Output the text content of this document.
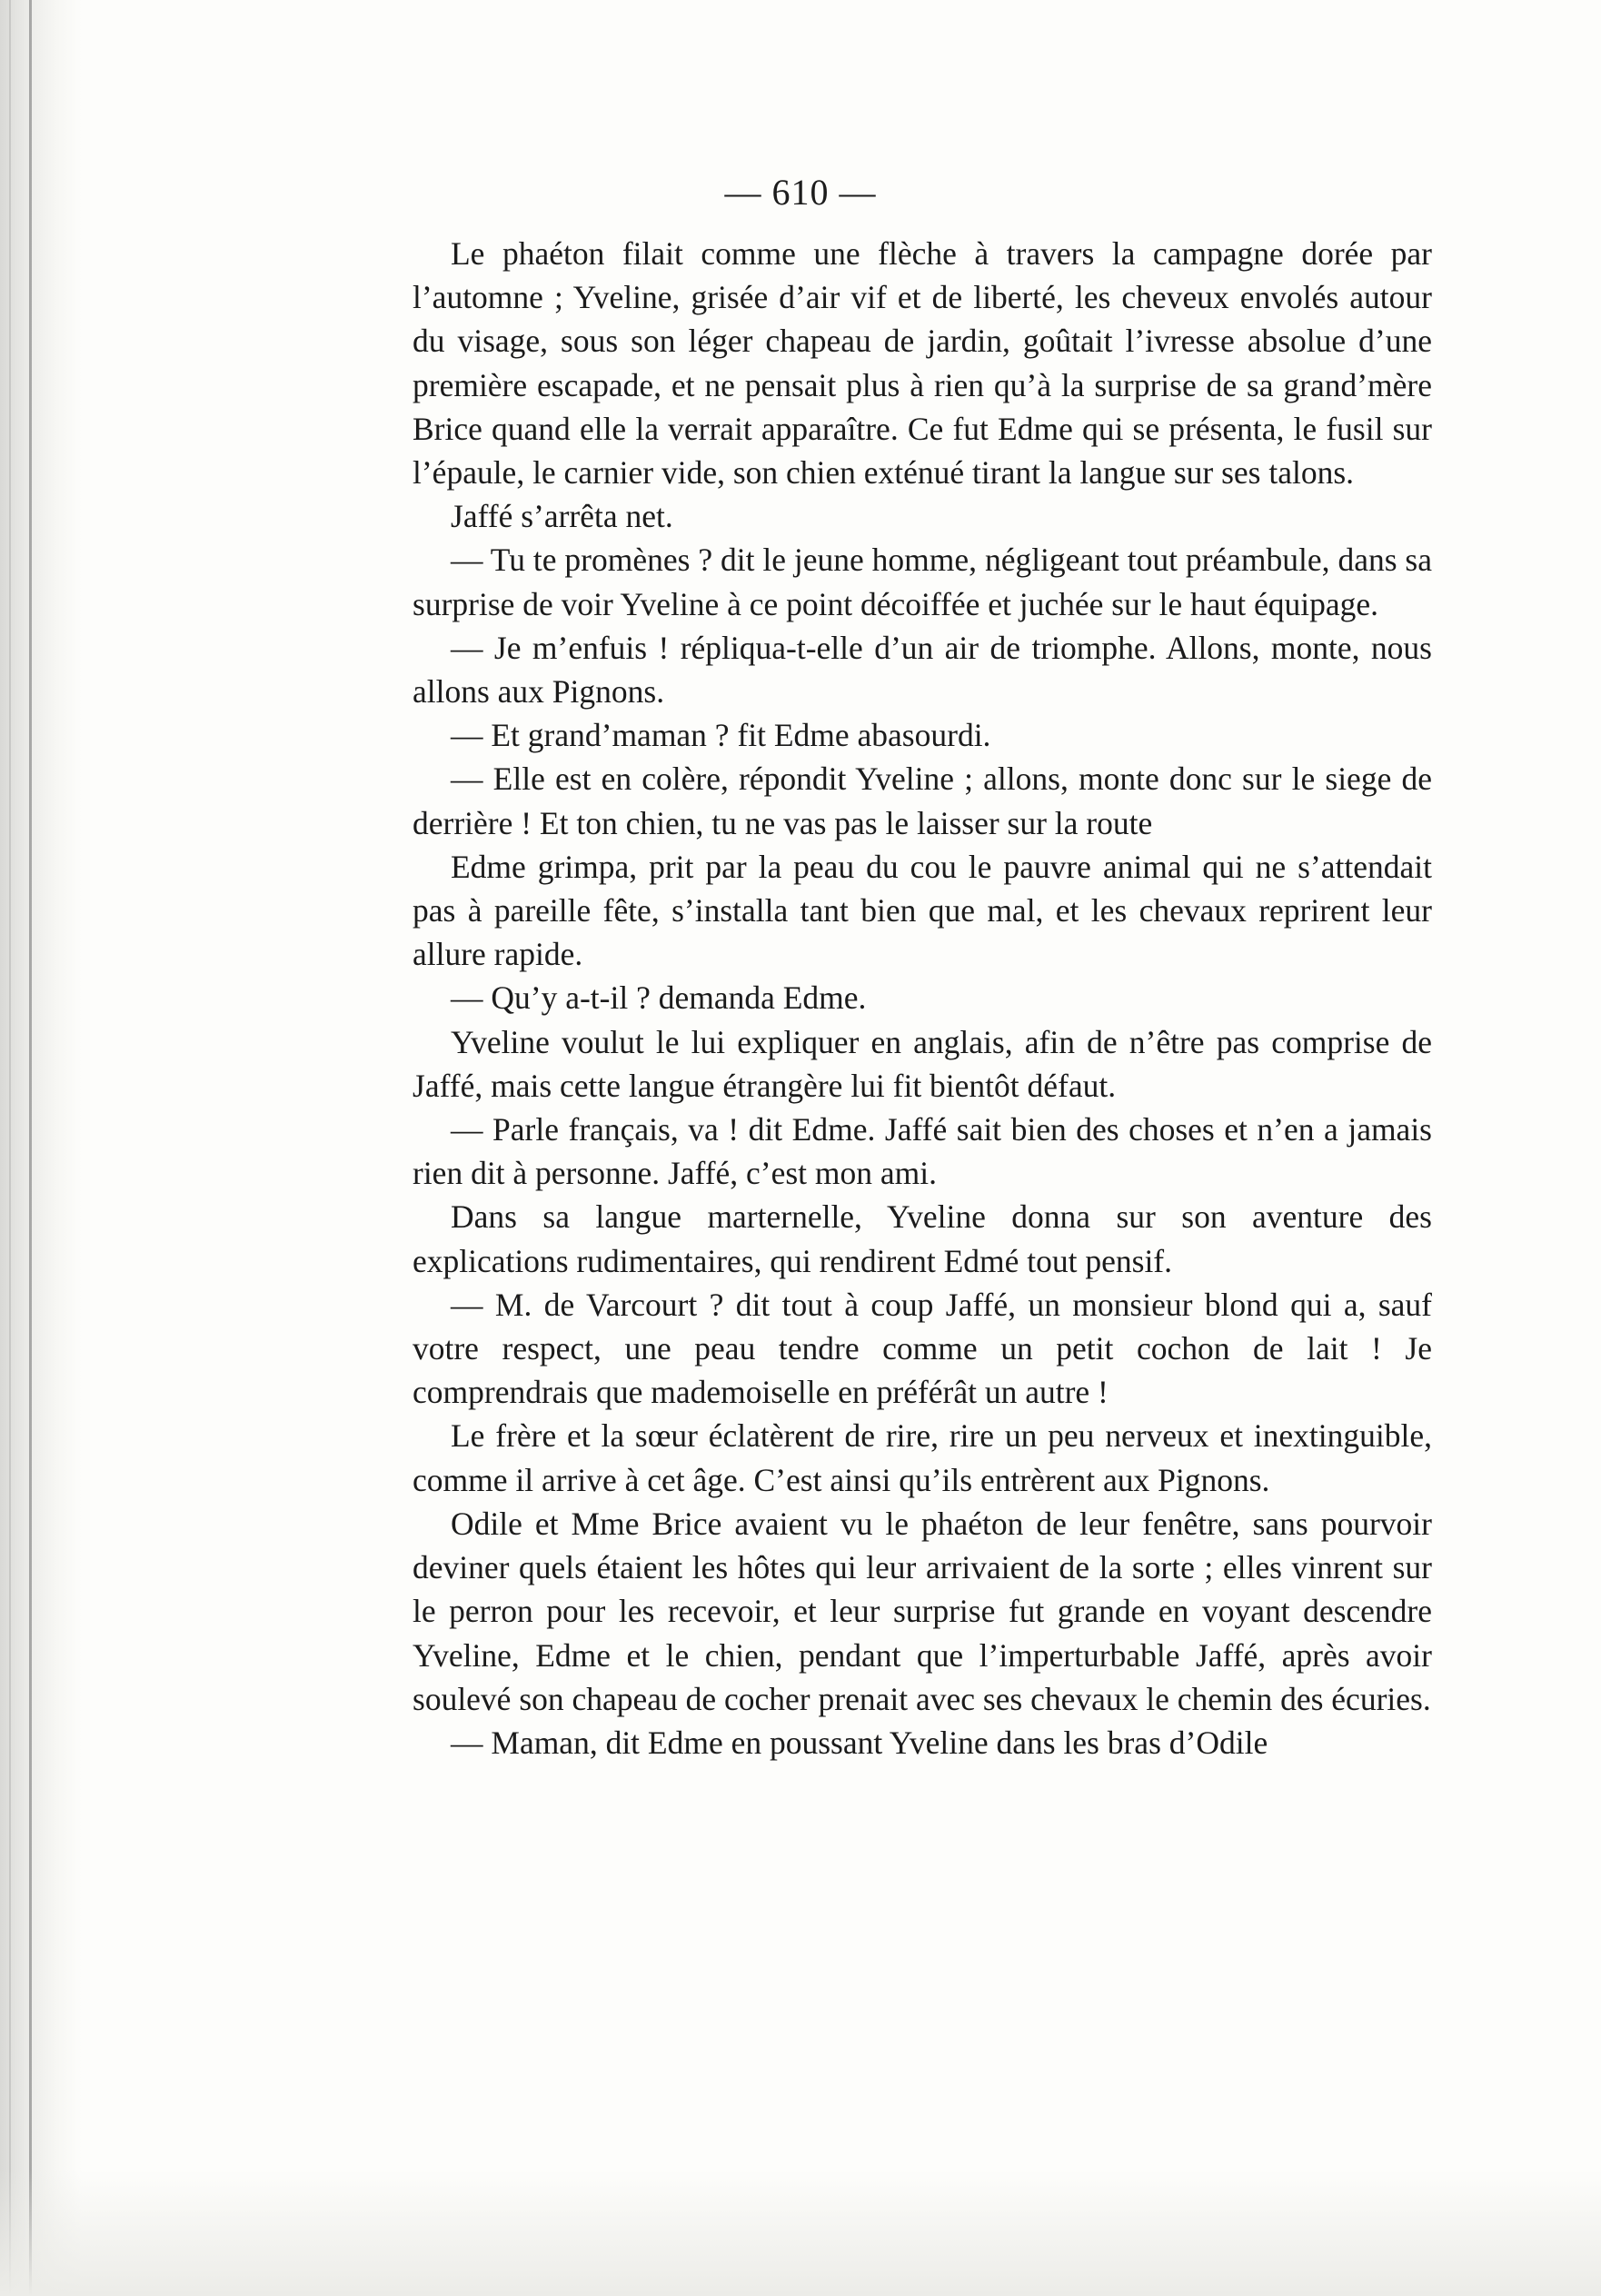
— 610 —

Le phaéton filait comme une flèche à travers la campagne dorée par l’automne ; Yveline, grisée d’air vif et de liberté, les cheveux envolés autour du visage, sous son léger chapeau de jardin, goûtait l’ivresse absolue d’une première escapade, et ne pensait plus à rien qu’à la surprise de sa grand’mère Brice quand elle la verrait apparaître. Ce fut Edme qui se présenta, le fusil sur l’épaule, le carnier vide, son chien exténué tirant la langue sur ses talons.

Jaffé s’arrêta net.

— Tu te promènes ? dit le jeune homme, négligeant tout préambule, dans sa surprise de voir Yveline à ce point décoiffée et juchée sur le haut équipage.

— Je m’enfuis ! répliqua-t-elle d’un air de triomphe. Allons, monte, nous allons aux Pignons.

— Et grand’maman ? fit Edme abasourdi.

— Elle est en colère, répondit Yveline ; allons, monte donc sur le siege de derrière ! Et ton chien, tu ne vas pas le laisser sur la route

Edme grimpa, prit par la peau du cou le pauvre animal qui ne s’attendait pas à pareille fête, s’installa tant bien que mal, et les chevaux reprirent leur allure rapide.

— Qu’y a-t-il ? demanda Edme.

Yveline voulut le lui expliquer en anglais, afin de n’être pas comprise de Jaffé, mais cette langue étrangère lui fit bientôt défaut.

— Parle français, va ! dit Edme. Jaffé sait bien des choses et n’en a jamais rien dit à personne. Jaffé, c’est mon ami.

Dans sa langue marternelle, Yveline donna sur son aventure des explications rudimentaires, qui rendirent Edmé tout pensif.

— M. de Varcourt ? dit tout à coup Jaffé, un monsieur blond qui a, sauf votre respect, une peau tendre comme un petit cochon de lait ! Je comprendrais que mademoiselle en préférât un autre !

Le frère et la sœur éclatèrent de rire, rire un peu nerveux et inextinguible, comme il arrive à cet âge. C’est ainsi qu’ils entrèrent aux Pignons.

Odile et Mme Brice avaient vu le phaéton de leur fenêtre, sans pourvoir deviner quels étaient les hôtes qui leur arrivaient de la sorte ; elles vinrent sur le perron pour les recevoir, et leur surprise fut grande en voyant descendre Yveline, Edme et le chien, pendant que l’imperturbable Jaffé, après avoir soulevé son chapeau de cocher prenait avec ses chevaux le chemin des écuries.

— Maman, dit Edme en poussant Yveline dans les bras d’Odile
